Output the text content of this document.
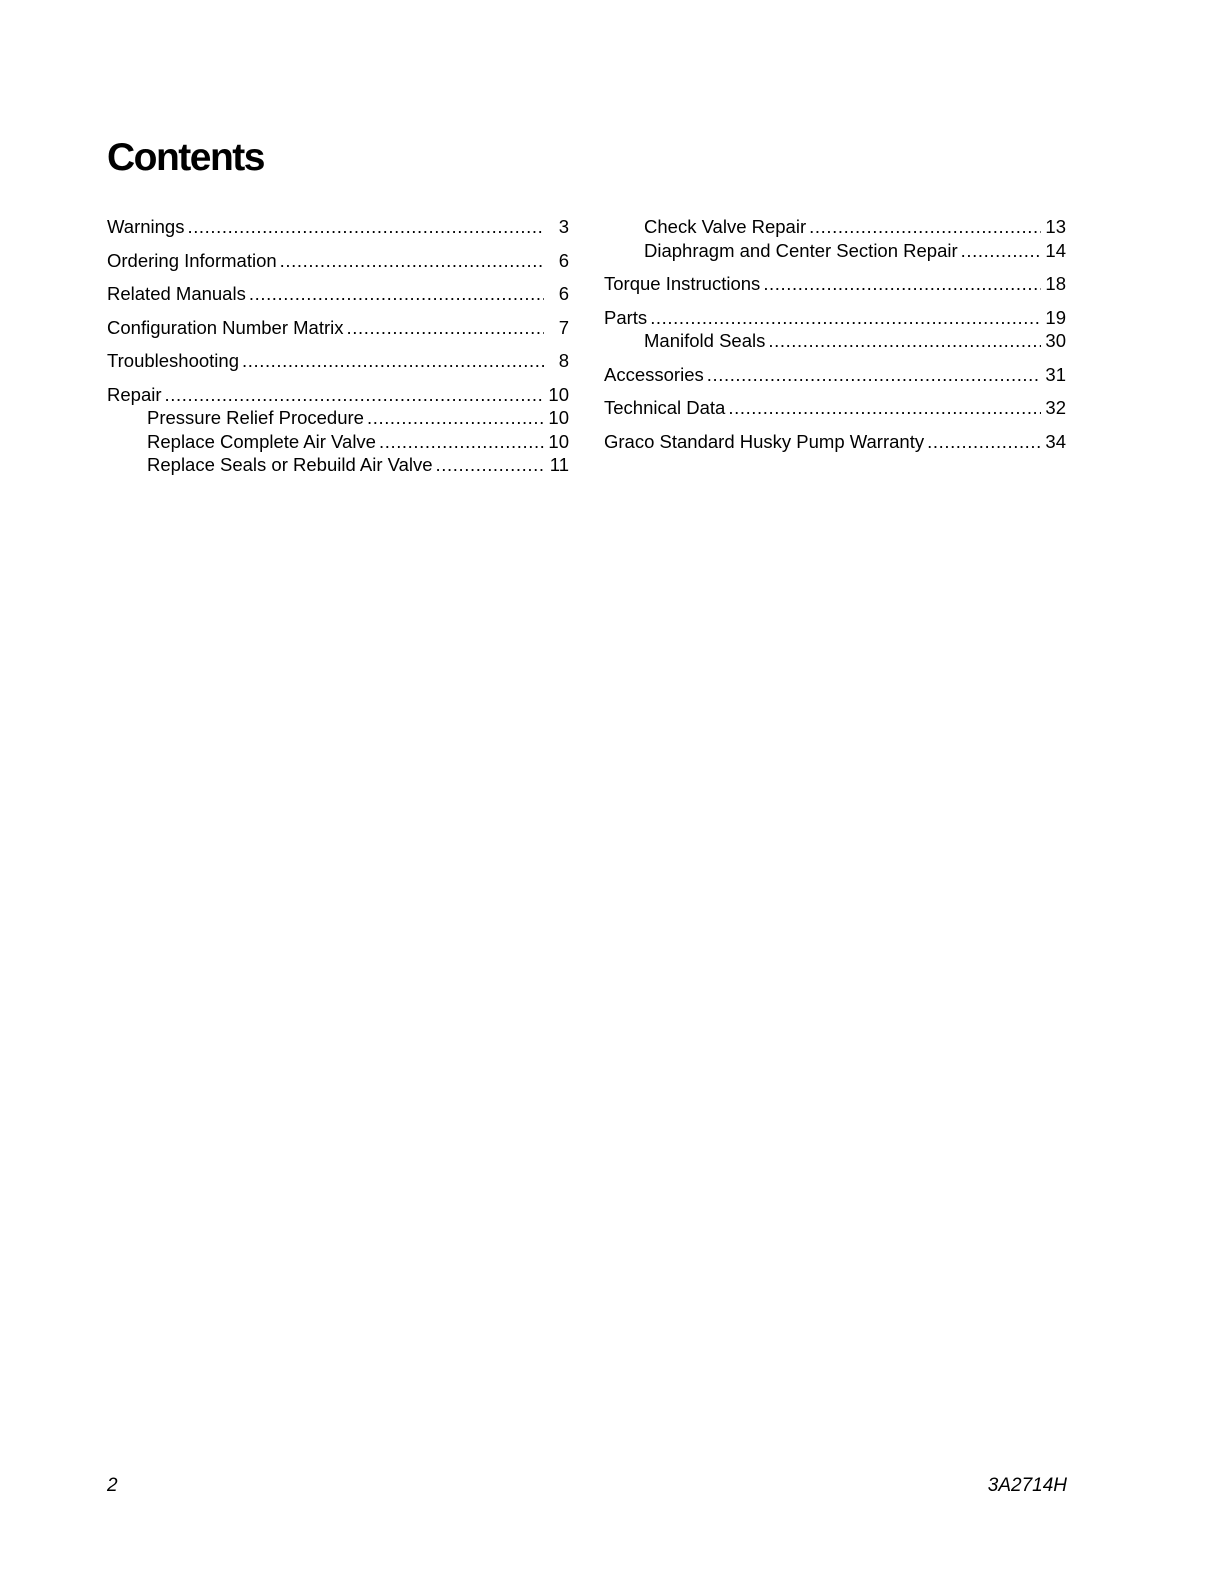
Contents
Warnings .....	3
Ordering Information .....	6
Related Manuals .....	6
Configuration Number Matrix .....	7
Troubleshooting .....	8
Repair .....	10
Pressure Relief Procedure .....	10
Replace Complete Air Valve .....	10
Replace Seals or Rebuild Air Valve .....	11
Check Valve Repair .....	13
Diaphragm and Center Section Repair .....	14
Torque Instructions .....	18
Parts .....	19
Manifold Seals .....	30
Accessories .....	31
Technical Data .....	32
Graco Standard Husky Pump Warranty .....	34
2	3A2714H
